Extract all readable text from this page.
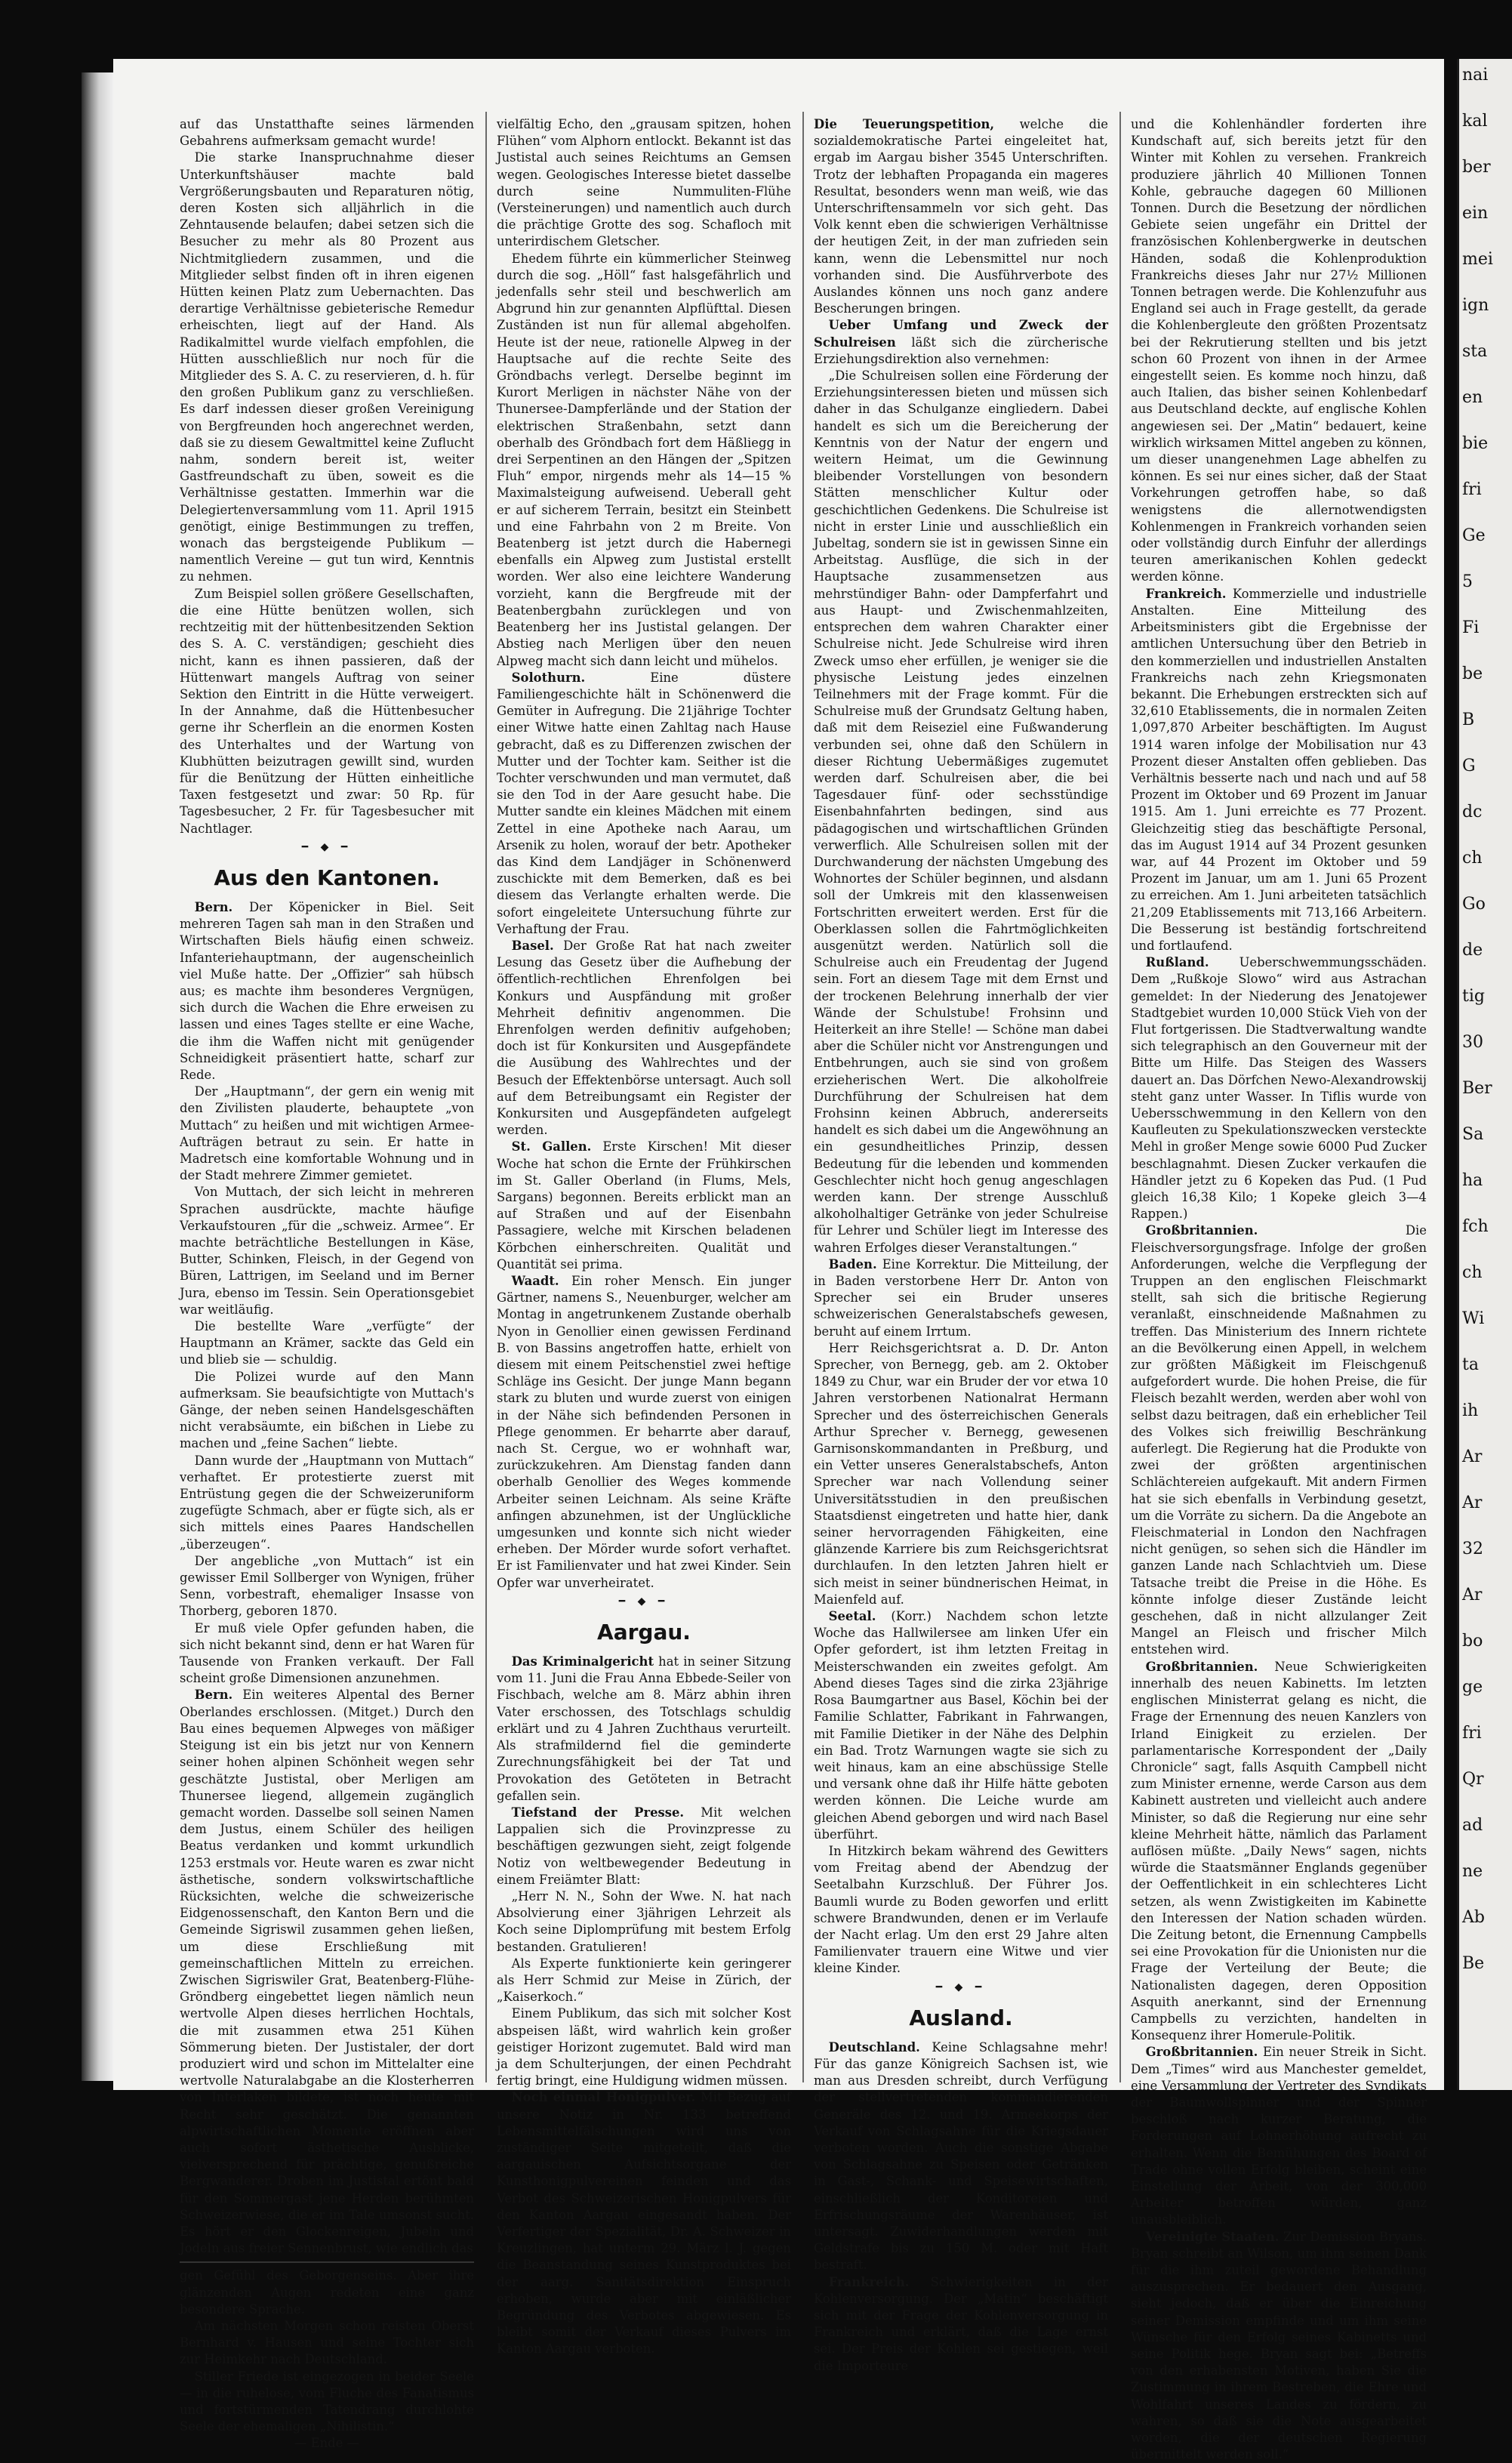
auf das Unstatthafte seines lärmenden Gebahrens aufmerksam gemacht wurde!

Die starke Inanspruchnahme dieser Unterkunftshäuser machte bald Vergrößerungsbauten und Reparaturen nötig, deren Kosten sich alljährlich in die Zehntausende belaufen; dabei setzen sich die Besucher zu mehr als 80 Prozent aus Nichtmitgliedern zusammen, und die Mitglieder selbst finden oft in ihren eigenen Hütten keinen Platz zum Uebernachten. Das derartige Verhältnisse gebieterische Remedur erheischten, liegt auf der Hand. Als Radikalmittel wurde vielfach empfohlen, die Hütten ausschließlich nur noch für die Mitglieder des S. A. C. zu reservieren, d. h. für den großen Publikum ganz zu verschließen. Es darf indessen dieser großen Vereinigung von Bergfreunden hoch angerechnet werden, daß sie zu diesem Gewaltmittel keine Zuflucht nahm, sondern bereit ist, weiter Gastfreundschaft zu üben, soweit es die Verhältnisse gestatten. Immerhin war die Delegiertenversammlung vom 11. April 1915 genötigt, einige Bestimmungen zu treffen, wonach das bergsteigende Publikum — namentlich Vereine — gut tun wird, Kenntnis zu nehmen.

Zum Beispiel sollen größere Gesellschaften, die eine Hütte benützen wollen, sich rechtzeitig mit der hüttenbesitzenden Sektion des S. A. C. verständigen; geschieht dies nicht, kann es ihnen passieren, daß der Hüttenwart mangels Auftrag von seiner Sektion den Eintritt in die Hütte verweigert. In der Annahme, daß die Hüttenbesucher gerne ihr Scherflein an die enormen Kosten des Unterhaltes und der Wartung von Klubhütten beizutragen gewillt sind, wurden für die Benützung der Hütten einheitliche Taxen festgesetzt und zwar: 50 Rp. für Tagesbesucher, 2 Fr. für Tagesbesucher mit Nachtlager.

━ ◆ ━
Aus den Kantonen.

Bern. Der Köpenicker in Biel. Seit mehreren Tagen sah man in den Straßen und Wirtschaften Biels häufig einen schweiz. Infanteriehauptmann, der augenscheinlich viel Muße hatte. Der „Offizier“ sah hübsch aus; es machte ihm besonderes Vergnügen, sich durch die Wachen die Ehre erweisen zu lassen und eines Tages stellte er eine Wache, die ihm die Waffen nicht mit genügender Schneidigkeit präsentiert hatte, scharf zur Rede.

Der „Hauptmann“, der gern ein wenig mit den Zivilisten plauderte, behauptete „von Muttach“ zu heißen und mit wichtigen Armee-Aufträgen betraut zu sein. Er hatte in Madretsch eine komfortable Wohnung und in der Stadt mehrere Zimmer gemietet.

Von Muttach, der sich leicht in mehreren Sprachen ausdrückte, machte häufige Verkaufstouren „für die „schweiz. Armee“. Er machte beträchtliche Bestellungen in Käse, Butter, Schinken, Fleisch, in der Gegend von Büren, Lattrigen, im Seeland und im Berner Jura, ebenso im Tessin. Sein Operationsgebiet war weitläufig.

Die bestellte Ware „verfügte“ der Hauptmann an Krämer, sackte das Geld ein und blieb sie — schuldig.

Die Polizei wurde auf den Mann aufmerksam. Sie beaufsichtigte von Muttach's Gänge, der neben seinen Handelsgeschäften nicht verabsäumte, ein bißchen in Liebe zu machen und „feine Sachen“ liebte.

Dann wurde der „Hauptmann von Muttach“ verhaftet. Er protestierte zuerst mit Entrüstung gegen die der Schweizeruniform zugefügte Schmach, aber er fügte sich, als er sich mittels eines Paares Handschellen „überzeugen“.

Der angebliche „von Muttach“ ist ein gewisser Emil Sollberger von Wynigen, früher Senn, vorbestraft, ehemaliger Insasse von Thorberg, geboren 1870.

Er muß viele Opfer gefunden haben, die sich nicht bekannt sind, denn er hat Waren für Tausende von Franken verkauft. Der Fall scheint große Dimensionen anzunehmen.

Bern. Ein weiteres Alpental des Berner Oberlandes erschlossen. (Mitget.) Durch den Bau eines bequemen Alpweges von mäßiger Steigung ist ein bis jetzt nur von Kennern seiner hohen alpinen Schönheit wegen sehr geschätzte Justistal, ober Merligen am Thunersee liegend, allgemein zugänglich gemacht worden. Dasselbe soll seinen Namen dem Justus, einem Schüler des heiligen Beatus verdanken und kommt urkundlich 1253 erstmals vor. Heute waren es zwar nicht ästhetische, sondern volkswirtschaftliche Rücksichten, welche die schweizerische Eidgenossenschaft, den Kanton Bern und die Gemeinde Sigriswil zusammen gehen ließen, um diese Erschließung mit gemeinschaftlichen Mitteln zu erreichen. Zwischen Sigriswiler Grat, Beatenberg-Flühe-Gröndberg eingebettet liegen nämlich neun wertvolle Alpen dieses herrlichen Hochtals, die mit zusammen etwa 251 Kühen Sömmerung bieten. Der Justistaler, der dort produziert wird und schon im Mittelalter eine wertvolle Naturalabgabe an die Klosterherren von Interlaken bildete, ist noch heute mit Recht sehr geschätzt. Die genannten alpwirtschaftlichen Momente eröffnen aber auch sofort ästhetische Ausblicke, vielversprechend für prächtige, genußreiche Bergwanderer. Droben im Justistal ertönt bald für den Sommergast jene Herden berühmten Schweizerwiese, die er im Tale umsonst sucht. Es hört er den Glockenreigen, Jubeln und Jodeln aus freier Sennenbrust, wie endlich das

gen Gefühl des Geborgenseins. Aber ihre glänzenden Augen redeten eine ganz besondere Sprache.

Am nächsten Morgen schon reisten Oberst Bernhard v. Hausen und seine Tochter sich zur Heimkehr nach Deutschland.

Stiller Friede ist eingezogen in beider Seele — in die ruhelose, vom Fluche des Fanatismus und fortstürmenden Tatendrang durchlohte Seele der ehemaligen „Nihilistin.“

— Ende —

vielfältig Echo, den „grausam spitzen, hohen Flühen“ vom Alphorn entlockt. Bekannt ist das Justistal auch seines Reichtums an Gemsen wegen. Geologisches Interesse bietet dasselbe durch seine Nummuliten-Flühe (Versteinerungen) und namentlich auch durch die prächtige Grotte des sog. Schafloch mit unterirdischem Gletscher.

Ehedem führte ein kümmerlicher Steinweg durch die sog. „Höll“ fast halsgefährlich und jedenfalls sehr steil und beschwerlich am Abgrund hin zur genannten Alpflüfttal. Diesen Zuständen ist nun für allemal abgeholfen. Heute ist der neue, rationelle Alpweg in der Hauptsache auf die rechte Seite des Gröndbachs verlegt. Derselbe beginnt im Kurort Merligen in nächster Nähe von der Thunersee-Dampferlände und der Station der elektrischen Straßenbahn, setzt dann oberhalb des Gröndbach fort dem Häßliegg in drei Serpentinen an den Hängen der „Spitzen Fluh“ empor, nirgends mehr als 14—15 % Maximalsteigung aufweisend. Ueberall geht er auf sicherem Terrain, besitzt ein Steinbett und eine Fahrbahn von 2 m Breite. Von Beatenberg ist jetzt durch die Habernegi ebenfalls ein Alpweg zum Justistal erstellt worden. Wer also eine leichtere Wanderung vorzieht, kann die Bergfreude mit der Beatenbergbahn zurücklegen und von Beatenberg her ins Justistal gelangen. Der Abstieg nach Merligen über den neuen Alpweg macht sich dann leicht und mühelos.

Solothurn.	Eine düstere Familiengeschichte hält in Schönenwerd die Gemüter in Aufregung. Die 21jährige Tochter einer Witwe hatte einen Zahltag nach Hause gebracht, daß es zu Differenzen zwischen der Mutter und der Tochter kam. Seither ist die Tochter verschwunden und man vermutet, daß sie den Tod in der Aare gesucht habe. Die Mutter sandte ein kleines Mädchen mit einem Zettel in eine Apotheke nach Aarau, um Arsenik zu holen, worauf der betr. Apotheker das Kind dem Landjäger in Schönenwerd zuschickte mit dem Bemerken, daß es bei diesem das Verlangte erhalten werde. Die sofort eingeleitete Untersuchung führte zur Verhaftung der Frau.

Basel. Der Große Rat hat nach zweiter Lesung das Gesetz über die Aufhebung der öffentlich-rechtlichen Ehrenfolgen bei Konkurs und Auspfändung mit großer Mehrheit definitiv angenommen. Die Ehrenfolgen werden definitiv aufgehoben; doch ist für Konkursiten und Ausgepfändete die Ausübung des Wahlrechtes und der Besuch der Effektenbörse untersagt. Auch soll auf dem Betreibungsamt ein Register der Konkursiten und Ausgepfändeten aufgelegt werden.

St. Gallen. Erste Kirschen! Mit dieser Woche hat schon die Ernte der Frühkirschen im St. Galler Oberland (in Flums, Mels, Sargans) begonnen. Bereits erblickt man an auf Straßen und auf der Eisenbahn Passagiere, welche mit Kirschen beladenen Körbchen einherschreiten. Qualität und Quantität sei prima.

Waadt. Ein roher Mensch. Ein junger Gärtner, namens S., Neuenburger, welcher am Montag in angetrunkenem Zustande oberhalb Nyon in Genollier einen gewissen Ferdinand B. von Bassins angetroffen hatte, erhielt von diesem mit einem Peitschenstiel zwei heftige Schläge ins Gesicht. Der junge Mann begann stark zu bluten und wurde zuerst von einigen in der Nähe sich befindenden Personen in Pflege genommen. Er beharrte aber darauf, nach St. Cergue, wo er wohnhaft war, zurückzukehren. Am Dienstag fanden dann oberhalb Genollier des Weges kommende Arbeiter seinen Leichnam. Als seine Kräfte anfingen abzunehmen, ist der Unglückliche umgesunken und konnte sich nicht wieder erheben. Der Mörder wurde sofort verhaftet. Er ist Familienvater und hat zwei Kinder. Sein Opfer war unverheiratet.

━ ◆ ━
Aargau.

Das Kriminalgericht hat in seiner Sitzung vom 11. Juni die Frau Anna Ebbede-Seiler von Fischbach, welche am 8. März abhin ihren Vater erschossen, des Totschlags schuldig erklärt und zu 4 Jahren Zuchthaus verurteilt. Als strafmildernd fiel die geminderte Zurechnungsfähigkeit bei der Tat und Provokation des Getöteten in Betracht gefallen sein.

Tiefstand der Presse. Mit welchen Lappalien sich die Provinzpresse zu beschäftigen gezwungen sieht, zeigt folgende Notiz von weltbewegender Bedeutung in einem Freiämter Blatt:

„Herr N. N., Sohn der Wwe. N. hat nach Absolvierung einer 3jährigen Lehrzeit als Koch seine Diplomprüfung mit bestem Erfolg bestanden. Gratulieren!

Als Experte funktionierte kein geringerer als Herr Schmid zur Meise in Zürich, der „Kaiserkoch.“

Einem Publikum, das sich mit solcher Kost abspeisen läßt, wird wahrlich kein großer geistiger Horizont zugemutet. Bald wird man ja dem Schulterjungen, der einen Pechdraht fertig bringt, eine Huldigung widmen müssen.

Noch einmal Honigpulver. Mit Bezug auf unsere Notiz in Nr. 133 betreffend Lebensmittelfälschungen wird uns von zuständiger Seite mitgeteilt, daß die aargauischen Aufsichtsorgane der Kunsthonigpulvereinen feinden und das Verbot des Schweizerischen Honigpulvers für den Kanton Aargau eingesandt haben. Der Verfertiger der Spezialität, Dr. A. Schweizer in Kreuzlingen, hat unterm 29. März l. J. gegen die Beanstandung seines Kunstproduktes bei der aarg. Sanitätsdirektion Einspruch erhoben, wurde aber mit einläßlicher Begründung des Verbotes abgewiesen. Es bleibt somit der Verkauf dieses Pulvers im Kanton Aargau verboten.

Die Teuerungspetition, welche die sozialdemokratische Partei eingeleitet hat, ergab im Aargau bisher 3545 Unterschriften. Trotz der lebhaften Propaganda ein mageres Resultat, besonders wenn man weiß, wie das Unterschriftensammeln vor sich geht. Das Volk kennt eben die schwierigen Verhältnisse der heutigen Zeit, in der man zufrieden sein kann, wenn die Lebensmittel nur noch vorhanden sind. Die Ausführverbote des Auslandes können uns noch ganz andere Bescherungen bringen.

Ueber Umfang und Zweck der Schulreisen läßt sich die zürcherische Erziehungsdirektion also vernehmen:

„Die Schulreisen sollen eine Förderung der Erziehungsinteressen bieten und müssen sich daher in das Schulganze eingliedern. Dabei handelt es sich um die Bereicherung der Kenntnis von der Natur der engern und weitern Heimat, um die Gewinnung bleibender Vorstellungen von besondern Stätten menschlicher Kultur oder geschichtlichen Gedenkens. Die Schulreise ist nicht in erster Linie und ausschließlich ein Jubeltag, sondern sie ist in gewissen Sinne ein Arbeitstag. Ausflüge, die sich in der Hauptsache zusammensetzen aus mehrstündiger Bahn- oder Dampferfahrt und aus Haupt- und Zwischenmahlzeiten, entsprechen dem wahren Charakter einer Schulreise nicht. Jede Schulreise wird ihren Zweck umso eher erfüllen, je weniger sie die physische Leistung jedes einzelnen Teilnehmers mit der Frage kommt. Für die Schulreise muß der Grundsatz Geltung haben, daß mit dem Reiseziel eine Fußwanderung verbunden sei, ohne daß den Schülern in dieser Richtung Uebermäßiges zugemutet werden darf. Schulreisen aber, die bei Tagesdauer fünf- oder sechsstündige Eisenbahnfahrten bedingen, sind aus pädagogischen und wirtschaftlichen Gründen verwerflich. Alle Schulreisen sollen mit der Durchwanderung der nächsten Umgebung des Wohnortes der Schüler beginnen, und alsdann soll der Umkreis mit den klassenweisen Fortschritten erweitert werden. Erst für die Oberklassen sollen die Fahrtmöglichkeiten ausgenützt werden. Natürlich soll die Schulreise auch ein Freudentag der Jugend sein. Fort an diesem Tage mit dem Ernst und der trockenen Belehrung innerhalb der vier Wände der Schulstube! Frohsinn und Heiterkeit an ihre Stelle! — Schöne man dabei aber die Schüler nicht vor Anstrengungen und Entbehrungen, auch sie sind von großem erzieherischen Wert. Die alkoholfreie Durchführung der Schulreisen hat dem Frohsinn keinen Abbruch, andererseits handelt es sich dabei um die Angewöhnung an ein gesundheitliches Prinzip, dessen Bedeutung für die lebenden und kommenden Geschlechter nicht hoch genug angeschlagen werden kann. Der strenge Ausschluß alkoholhaltiger Getränke von jeder Schulreise für Lehrer und Schüler liegt im Interesse des wahren Erfolges dieser Veranstaltungen.“

Baden. Eine Korrektur. Die Mitteilung, der in Baden verstorbene Herr Dr. Anton von Sprecher sei ein Bruder unseres schweizerischen Generalstabschefs gewesen, beruht auf einem Irrtum.

Herr Reichsgerichtsrat a. D. Dr. Anton Sprecher, von Bernegg, geb. am 2. Oktober 1849 zu Chur, war ein Bruder der vor etwa 10 Jahren verstorbenen Nationalrat Hermann Sprecher und des österreichischen Generals Arthur Sprecher v. Bernegg, gewesenen Garnisonskommandanten in Preßburg, und ein Vetter unseres Generalstabschefs, Anton Sprecher war nach Vollendung seiner Universitätsstudien in den preußischen Staatsdienst eingetreten und hatte hier, dank seiner hervorragenden Fähigkeiten, eine glänzende Karriere bis zum Reichsgerichtsrat durchlaufen. In den letzten Jahren hielt er sich meist in seiner bündnerischen Heimat, in Maienfeld auf.

Seetal. (Korr.) Nachdem schon letzte Woche das Hallwilersee am linken Ufer ein Opfer gefordert, ist ihm letzten Freitag in Meisterschwanden ein zweites gefolgt. Am Abend dieses Tages sind die zirka 23jährige Rosa Baumgartner aus Basel, Köchin bei der Familie Schlatter, Fabrikant in Fahrwangen, mit Familie Dietiker in der Nähe des Delphin ein Bad. Trotz Warnungen wagte sie sich zu weit hinaus, kam an eine abschüssige Stelle und versank ohne daß ihr Hilfe hätte geboten werden können. Die Leiche wurde am gleichen Abend geborgen und wird nach Basel überführt.

In Hitzkirch bekam während des Gewitters vom Freitag abend der Abendzug der Seetalbahn Kurzschluß. Der Führer Jos. Baumli wurde zu Boden geworfen und erlitt schwere Brandwunden, denen er im Verlaufe der Nacht erlag. Um den erst 29 Jahre alten Familienvater trauern eine Witwe und vier kleine Kinder.

━ ◆ ━
Ausland.

Deutschland. Keine Schlagsahne mehr! Für das ganze Königreich Sachsen ist, wie man aus Dresden schreibt, durch Verfügung der stellvertretenden kommandierenden Generäle des 12. und 19. Armeekorps der Verkauf von Schlagsahne für die Kriegsdauer verboten worden. Auch die sonstige Abgabe von Schlagsahne zu Speisen oder Getränken in Gast-, Schank- und Speisewirtschaften, einschließlich der Konditoreien und Erfrischungsräume der Warenhäuser, ist untersagt. Zuwiderhandlungen werden mit Geldstrafe bis zu 150 M. oder mit Haft bestraft.

Frankreich. Schwierigkeiten in der Kohlenversorgung. Der „Matin“ beschäftigt sich mit der Frage der Kohlenversorgung in Frankreich und erklärt, daß die Lage ernst sei. Der Preis der Kohlen sei gestiegen, weil die Importeure

und die Kohlenhändler forderten ihre Kundschaft auf, sich bereits jetzt für den Winter mit Kohlen zu versehen. Frankreich produziere jährlich 40 Millionen Tonnen Kohle, gebrauche dagegen 60 Millionen Tonnen. Durch die Besetzung der nördlichen Gebiete seien ungefähr ein Drittel der französischen Kohlenbergwerke in deutschen Händen, sodaß die Kohlenproduktion Frankreichs dieses Jahr nur 27½ Millionen Tonnen betragen werde. Die Kohlenzufuhr aus England sei auch in Frage gestellt, da gerade die Kohlenbergleute den größten Prozentsatz bei der Rekrutierung stellten und bis jetzt schon 60 Prozent von ihnen in der Armee eingestellt seien. Es komme noch hinzu, daß auch Italien, das bisher seinen Kohlenbedarf aus Deutschland deckte, auf englische Kohlen angewiesen sei. Der „Matin“ bedauert, keine wirklich wirksamen Mittel angeben zu können, um dieser unangenehmen Lage abhelfen zu können. Es sei nur eines sicher, daß der Staat Vorkehrungen getroffen habe, so daß wenigstens die allernotwendigsten Kohlenmengen in Frankreich vorhanden seien oder vollständig durch Einfuhr der allerdings teuren amerikanischen Kohlen gedeckt werden könne.

Frankreich. Kommerzielle und industrielle Anstalten. Eine Mitteilung des Arbeitsministers gibt die Ergebnisse der amtlichen Untersuchung über den Betrieb in den kommerziellen und industriellen Anstalten Frankreichs nach zehn Kriegsmonaten bekannt. Die Erhebungen erstreckten sich auf 32,610 Etablissements, die in normalen Zeiten 1,097,870 Arbeiter beschäftigten. Im August 1914 waren infolge der Mobilisation nur 43 Prozent dieser Anstalten offen geblieben. Das Verhältnis besserte nach und nach und auf 58 Prozent im Oktober und 69 Prozent im Januar 1915. Am 1. Juni erreichte es 77 Prozent. Gleichzeitig stieg das beschäftigte Personal, das im August 1914 auf 34 Prozent gesunken war, auf 44 Prozent im Oktober und 59 Prozent im Januar, um am 1. Juni 65 Prozent zu erreichen. Am 1. Juni arbeiteten tatsächlich 21,209 Etablissements mit 713,166 Arbeitern. Die Besserung ist beständig fortschreitend und fortlaufend.

Rußland. Ueberschwemmungsschäden. Dem „Rußkoje Slowo“ wird aus Astrachan gemeldet: In der Niederung des Jenatojewer Stadtgebiet wurden 10,000 Stück Vieh von der Flut fortgerissen. Die Stadtverwaltung wandte sich telegraphisch an den Gouverneur mit der Bitte um Hilfe. Das Steigen des Wassers dauert an. Das Dörfchen Newo-Alexandrowskij steht ganz unter Wasser. In Tiflis wurde von Uebersschwemmung in den Kellern von den Kaufleuten zu Spekulationszwecken versteckte Mehl in großer Menge sowie 6000 Pud Zucker beschlagnahmt. Diesen Zucker verkaufen die Händler jetzt zu 6 Kopeken das Pud. (1 Pud gleich 16,38 Kilo; 1 Kopeke gleich 3—4 Rappen.)

Großbritannien.	Die Fleischversorgungsfrage. Infolge der großen Anforderungen, welche die Verpflegung der Truppen an den englischen Fleischmarkt stellt, sah sich die britische Regierung veranlaßt, einschneidende Maßnahmen zu treffen. Das Ministerium des Innern richtete an die Bevölkerung einen Appell, in welchem zur größten Mäßigkeit im Fleischgenuß aufgefordert wurde. Die hohen Preise, die für Fleisch bezahlt werden, werden aber wohl von selbst dazu beitragen, daß ein erheblicher Teil des Volkes sich freiwillig Beschränkung auferlegt. Die Regierung hat die Produkte von zwei der größten argentinischen Schlächtereien aufgekauft. Mit andern Firmen hat sie sich ebenfalls in Verbindung gesetzt, um die Vorräte zu sichern. Da die Angebote an Fleischmaterial in London den Nachfragen nicht genügen, so sehen sich die Händler im ganzen Lande nach Schlachtvieh um. Diese Tatsache treibt die Preise in die Höhe. Es könnte infolge dieser Zustände leicht geschehen, daß in nicht allzulanger Zeit Mangel an Fleisch und frischer Milch entstehen wird.

Großbritannien. Neue Schwierigkeiten innerhalb des neuen Kabinetts. Im letzten englischen Ministerrat gelang es nicht, die Frage der Ernennung des neuen Kanzlers von Irland Einigkeit zu erzielen. Der parlamentarische Korrespondent der „Daily Chronicle“ sagt, falls Asquith Campbell nicht zum Minister ernenne, werde Carson aus dem Kabinett austreten und vielleicht auch andere Minister, so daß die Regierung nur eine sehr kleine Mehrheit hätte, nämlich das Parlament auflösen müßte. „Daily News“ sagen, nichts würde die Staatsmänner Englands gegenüber der Oeffentlichkeit in ein schlechteres Licht setzen, als wenn Zwistigkeiten im Kabinette den Interessen der Nation schaden würden. Die Zeitung betont, die Ernennung Campbells sei eine Provokation für die Unionisten nur die Frage der Verteilung der Beute; die Nationalisten dagegen, deren Opposition Asquith anerkannt, sind der Ernennung Campbells zu verzichten, handelten in Konsequenz ihrer Homerule-Politik.

Großbritannien. Ein neuer Streik in Sicht. Dem „Times“ wird aus Manchester gemeldet, eine Versammlung der Vertreter des Syndikats der Baumwollspinner und der Spinner beschloß nach kurzer Beratung, die Forderungen auf Lohnerhöhung aufrecht zu erhalten. Wenn die Bemühungen des Board of Trade ohne vollen Erfolg bleiben, scheint eine Einstellung der Arbeit, von der 300,000 Arbeiter betroffen würden, ganz unausbleiblich.

Vereinigte Staaten. Zur Demission Bryans. Bryan schreibt an Wilson, um ihm seinen Dank für die ihm zuteil gewordene Behandlung auszusprechen. Er bedauert den Ausgang, sieht jedoch, daß er über die Einreichung seiner Demission empfinde und um ihm seine Wünsche für den Erfolg seines Kabinetts und seine Politik hege. Bryan sagt bei: „Betreffs von den erhabensten Motiven, haben Sie die Zustimmung in ihrem Bestreben, die Ehre und Wohlfahrt unseres Landes zu fördern, zu wahren, so daß sie die Note ausgearbeitet worden, die der deutschen Regierung übermittelt werden soll.“

nai
kal
ber
ein
mei
ign
sta
en
bie
fri
Ge
5
Fi
be
B
G
dc
ch
Go
de
tig
30
Ber
Sa
ha
fch
ch
Wi
ta
ih
Ar
Ar
32
Ar
bo
ge
fri
Qr
ad
ne
Ab
Be
